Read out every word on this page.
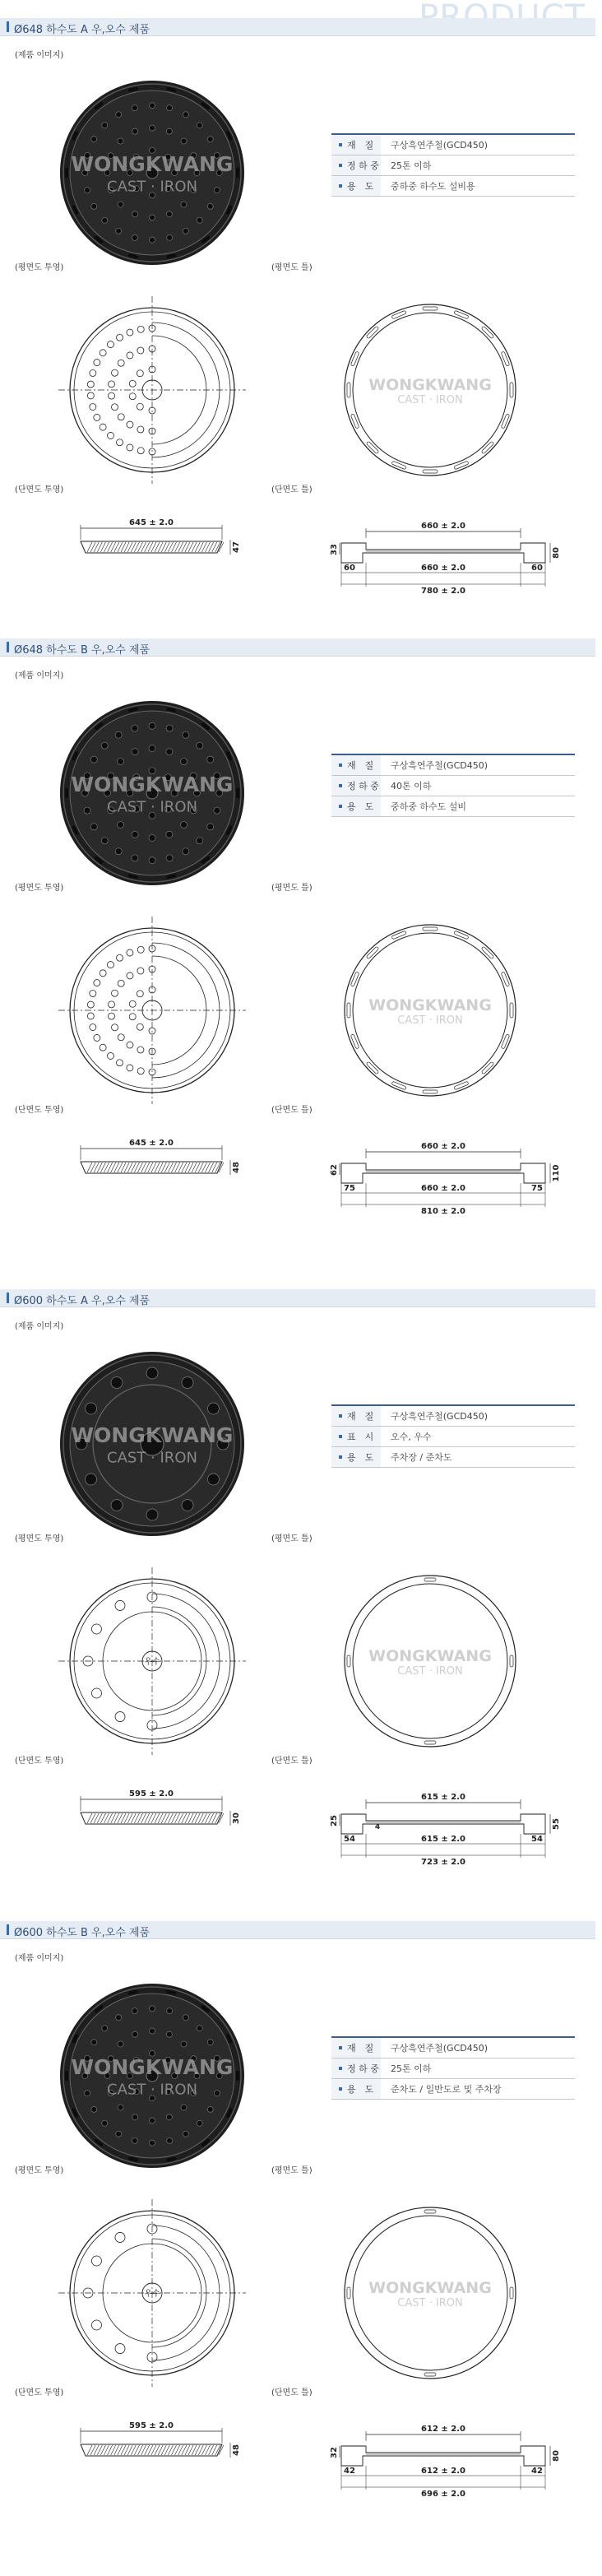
Ø648 하수도 A 우,오수 제품
(제품 이미지)
(평면도 투영)	(평면도 틀)
(단면도 투영)	(단면도 틀)
재　질	구상흑연주철(GCD450)
정 하 중	25톤 이하
용　도	중하중 하수도 설비용
WONGKWANG
CAST · IRON
WONGKWANG
CAST · IRON
645 ± 2.0
47
660 ± 2.0
33	80
60	60
660 ± 2.0
780 ± 2.0
Ø648 하수도 B 우,오수 제품
(제품 이미지)
(평면도 투영)	(평면도 틀)
(단면도 투영)	(단면도 틀)
재　질	구상흑연주철(GCD450)
정 하 중	40톤 이하
용　도	중하중 하수도 설비
WONGKWANG
CAST · IRON
WONGKWANG
CAST · IRON
645 ± 2.0
48
660 ± 2.0
62	110
75	75
660 ± 2.0
810 ± 2.0
Ø600 하수도 A 우,오수 제품
(제품 이미지)
(평면도 투영)	(평면도 틀)
(단면도 투영)	(단면도 틀)
재　질	구상흑연주철(GCD450)
표　시	오수, 우수
용　도	주차장 / 준차도
WONGKWANG
CAST · IRON
우수	WONGKWANG
CAST · IRON
595 ± 2.0
30
615 ± 2.0
25	55
4
54	54
615 ± 2.0
723 ± 2.0
Ø600 하수도 B 우,오수 제품
(제품 이미지)
(평면도 투영)	(평면도 틀)
(단면도 투영)	(단면도 틀)
재　질	구상흑연주철(GCD450)
정 하 중	25톤 이하
용　도	준차도 / 일반도로 및 주차장
WONGKWANG
CAST · IRON
우수	WONGKWANG
CAST · IRON
595 ± 2.0
48
612 ± 2.0
32	80
42	42
612 ± 2.0
696 ± 2.0
